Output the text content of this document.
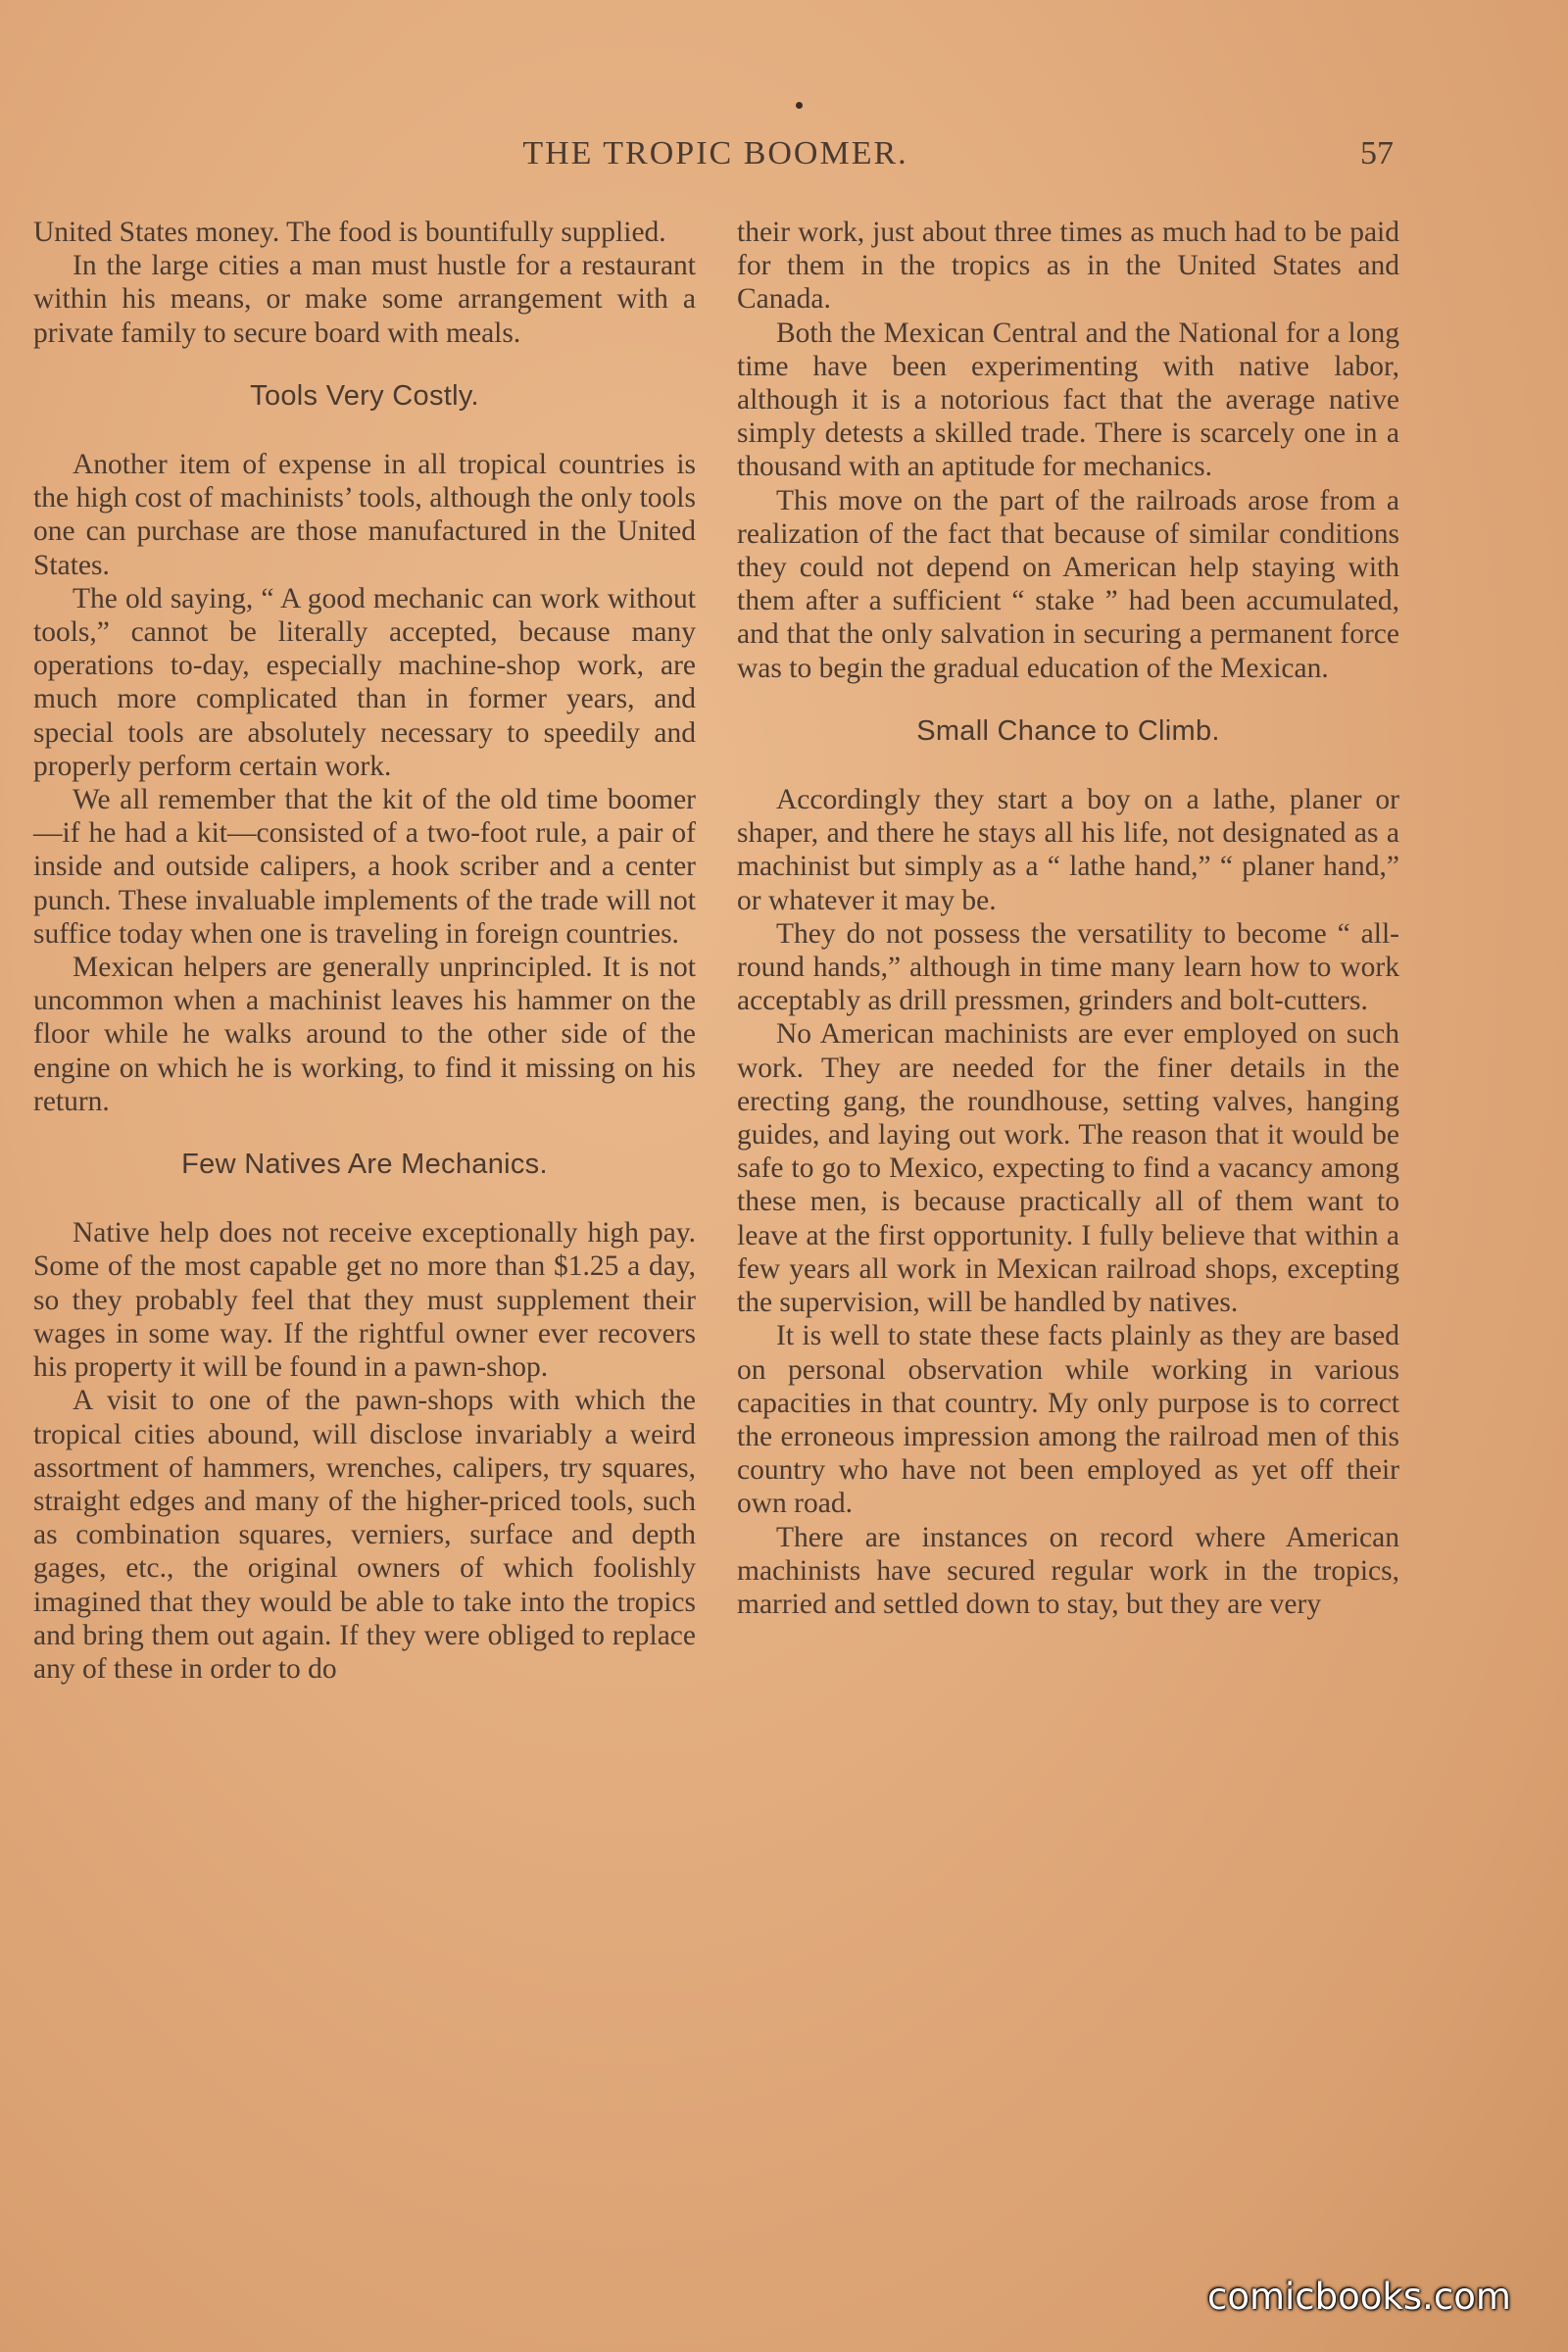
THE TROPIC BOOMER.	57

United States money. The food is bountifully supplied.

In the large cities a man must hustle for a restaurant within his means, or make some arrangement with a private family to secure board with meals.

Tools Very Costly.

Another item of expense in all tropical countries is the high cost of machinists’ tools, although the only tools one can purchase are those manufactured in the United States.

The old saying, “ A good mechanic can work without tools,” cannot be literally accepted, because many operations to-day, especially machine-shop work, are much more complicated than in former years, and special tools are absolutely necessary to speedily and properly perform certain work.

We all remember that the kit of the old time boomer—if he had a kit—consisted of a two-foot rule, a pair of inside and outside calipers, a hook scriber and a center punch. These invaluable implements of the trade will not suffice today when one is traveling in foreign countries.

Mexican helpers are generally unprincipled. It is not uncommon when a machinist leaves his hammer on the floor while he walks around to the other side of the engine on which he is working, to find it missing on his return.

Few Natives Are Mechanics.

Native help does not receive exceptionally high pay. Some of the most capable get no more than $1.25 a day, so they probably feel that they must supplement their wages in some way. If the rightful owner ever recovers his property it will be found in a pawn-shop.

A visit to one of the pawn-shops with which the tropical cities abound, will disclose invariably a weird assortment of hammers, wrenches, calipers, try squares, straight edges and many of the higher-priced tools, such as combination squares, verniers, surface and depth gages, etc., the original owners of which foolishly imagined that they would be able to take into the tropics and bring them out again. If they were obliged to replace any of these in order to do

their work, just about three times as much had to be paid for them in the tropics as in the United States and Canada.

Both the Mexican Central and the National for a long time have been experimenting with native labor, although it is a notorious fact that the average native simply detests a skilled trade. There is scarcely one in a thousand with an aptitude for mechanics.

This move on the part of the railroads arose from a realization of the fact that because of similar conditions they could not depend on American help staying with them after a sufficient “ stake ” had been accumulated, and that the only salvation in securing a permanent force was to begin the gradual education of the Mexican.

Small Chance to Climb.

Accordingly they start a boy on a lathe, planer or shaper, and there he stays all his life, not designated as a machinist but simply as a “ lathe hand,” “ planer hand,” or whatever it may be.

They do not possess the versatility to become “ all-round hands,” although in time many learn how to work acceptably as drill pressmen, grinders and bolt-cutters.

No American machinists are ever employed on such work. They are needed for the finer details in the erecting gang, the roundhouse, setting valves, hanging guides, and laying out work. The reason that it would be safe to go to Mexico, expecting to find a vacancy among these men, is because practically all of them want to leave at the first opportunity. I fully believe that within a few years all work in Mexican railroad shops, excepting the supervision, will be handled by natives.

It is well to state these facts plainly as they are based on personal observation while working in various capacities in that country. My only purpose is to correct the erroneous impression among the railroad men of this country who have not been employed as yet off their own road.

There are instances on record where American machinists have secured regular work in the tropics, married and settled down to stay, but they are very

comicbooks.com
